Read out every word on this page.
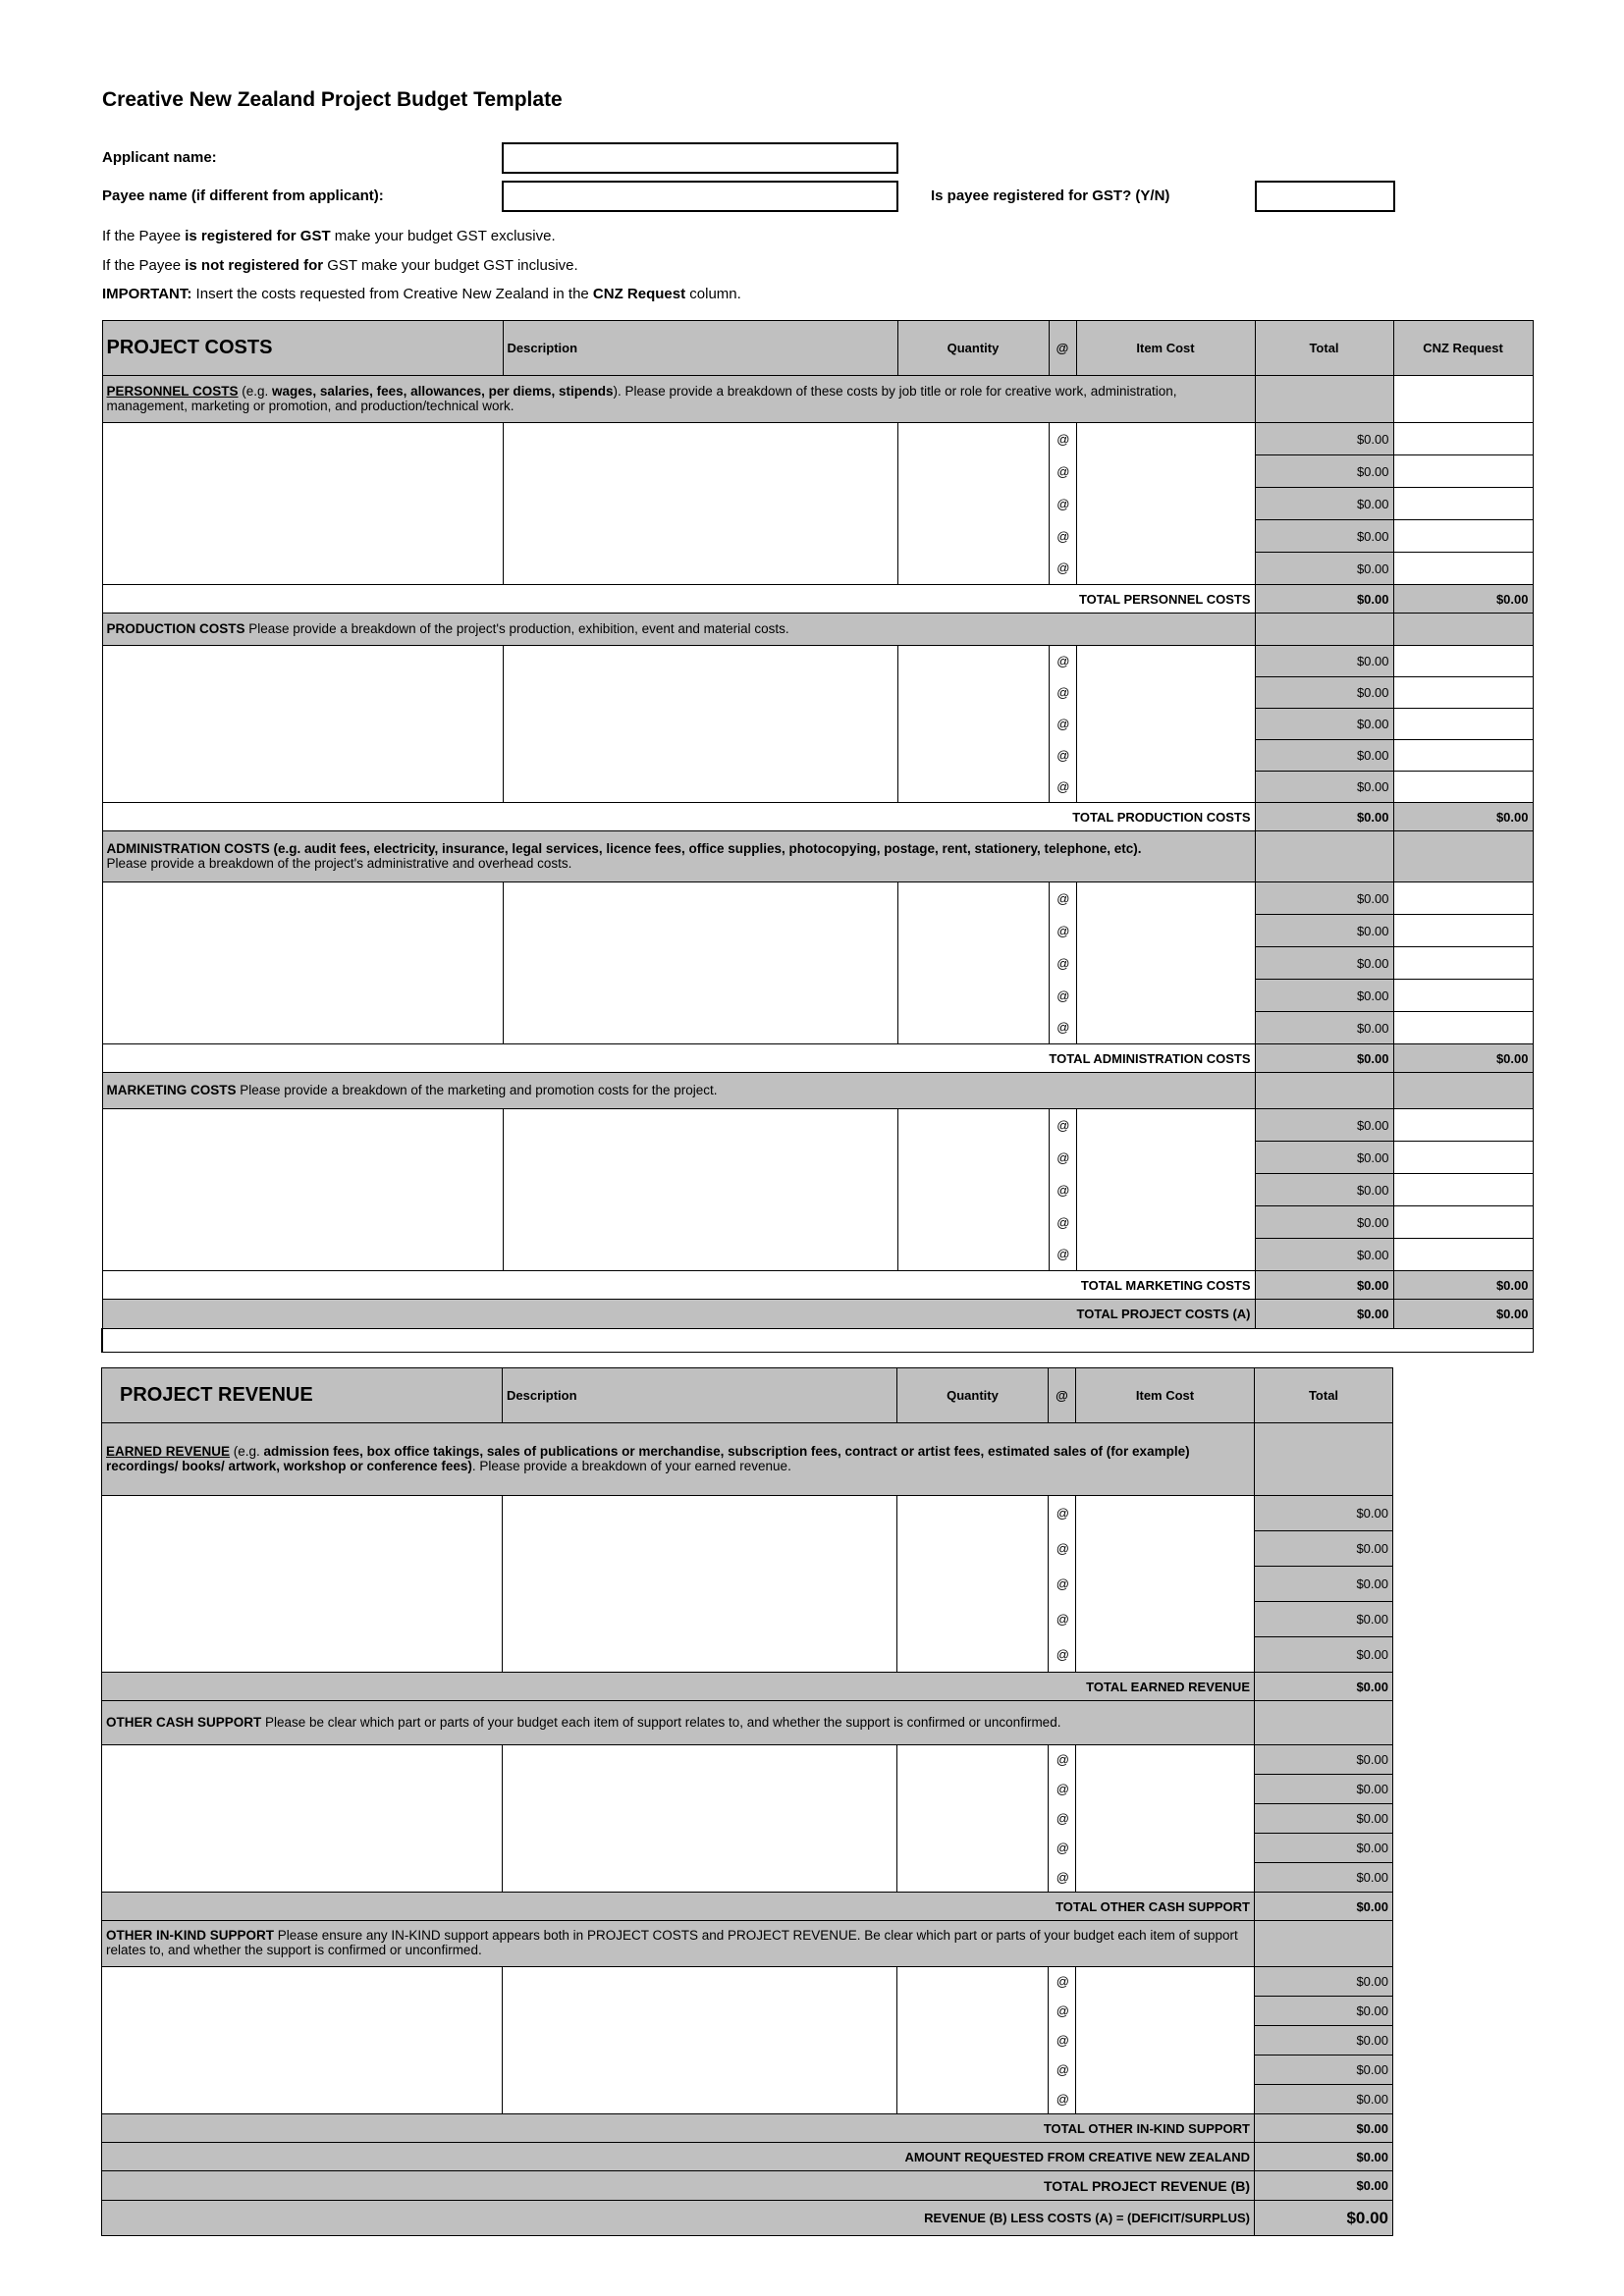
Creative New Zealand Project Budget Template
Applicant name:
Payee name (if different from applicant):	Is payee registered for GST? (Y/N)
If the Payee is registered for GST make your budget GST exclusive.
If the Payee is not registered for GST make your budget GST inclusive.
IMPORTANT: Insert the costs requested from Creative New Zealand in the CNZ Request column.
PROJECT COSTS	Description	Quantity	@	Item Cost	Total	CNZ Request
PERSONNEL COSTS (e.g. wages, salaries, fees, allowances, per diems, stipends). Please provide a breakdown of these costs by job title or role for creative work, administration, management, marketing or promotion, and production/technical work.						
			@		$0.00	
			@		$0.00	
			@		$0.00	
			@		$0.00	
			@		$0.00	
TOTAL PERSONNEL COSTS					$0.00	$0.00
PRODUCTION COSTS Please provide a breakdown of the project's production, exhibition, event and material costs.						
			@		$0.00	
			@		$0.00	
			@		$0.00	
			@		$0.00	
			@		$0.00	
TOTAL PRODUCTION COSTS					$0.00	$0.00
ADMINISTRATION COSTS (e.g. audit fees, electricity, insurance, legal services, licence fees, office supplies, photocopying, postage, rent, stationery, telephone, etc).
Please provide a breakdown of the project's administrative and overhead costs.						
			@		$0.00	
			@		$0.00	
			@		$0.00	
			@		$0.00	
			@		$0.00	
TOTAL ADMINISTRATION COSTS					$0.00	$0.00
MARKETING COSTS Please provide a breakdown of the marketing and promotion costs for the project.						
			@		$0.00	
			@		$0.00	
			@		$0.00	
			@		$0.00	
			@		$0.00	
TOTAL MARKETING COSTS					$0.00	$0.00
TOTAL PROJECT COSTS (A)					$0.00	$0.00

PROJECT REVENUE	Description	Quantity	@	Item Cost	Total
EARNED REVENUE (e.g. admission fees, box office takings, sales of publications or merchandise, subscription fees, contract or artist fees, estimated sales of (for example) recordings/ books/ artwork, workshop or conference fees). Please provide a breakdown of your earned revenue.					
			@		$0.00
			@		$0.00
			@		$0.00
			@		$0.00
			@		$0.00
TOTAL EARNED REVENUE					$0.00
OTHER CASH SUPPORT Please be clear which part or parts of your budget each item of support relates to, and whether the support is confirmed or unconfirmed.					
			@		$0.00
			@		$0.00
			@		$0.00
			@		$0.00
			@		$0.00
TOTAL OTHER CASH SUPPORT					$0.00
OTHER IN-KIND SUPPORT Please ensure any IN-KIND support appears both in PROJECT COSTS and PROJECT REVENUE. Be clear which part or parts of your budget each item of support relates to, and whether the support is confirmed or unconfirmed.					
			@		$0.00
			@		$0.00
			@		$0.00
			@		$0.00
			@		$0.00
TOTAL OTHER IN-KIND SUPPORT					$0.00
AMOUNT REQUESTED FROM CREATIVE NEW ZEALAND					$0.00
TOTAL PROJECT REVENUE (B)					$0.00
REVENUE (B) LESS COSTS (A) = (DEFICIT/SURPLUS)					$0.00
